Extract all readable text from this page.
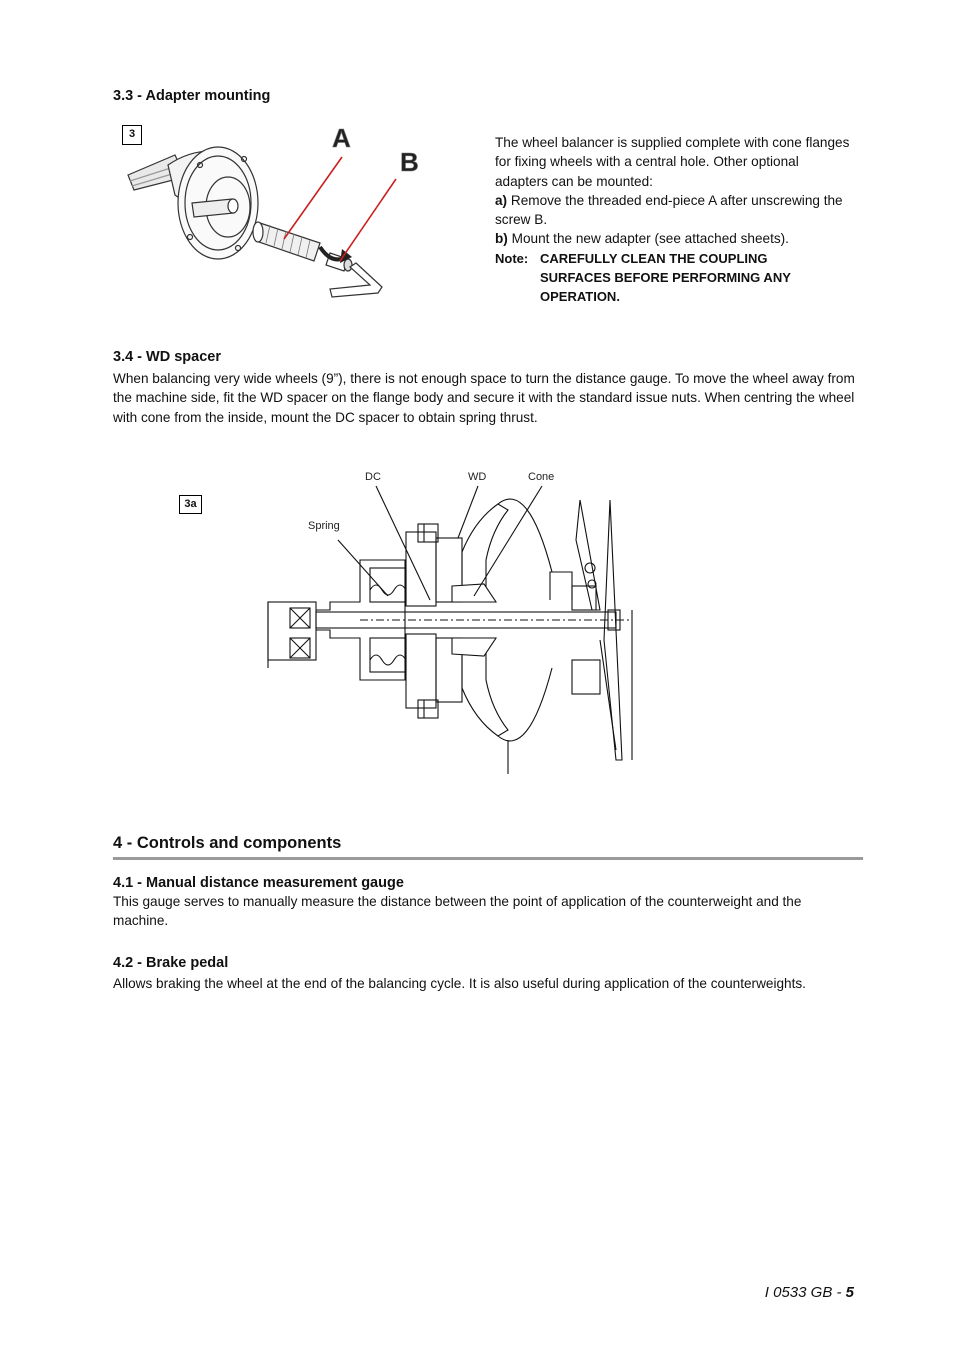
3.3 - Adapter mounting
3	A
B
The wheel balancer is supplied complete with cone flanges for fixing wheels with a central hole. Other optional adapters can be mounted:
a) Remove the threaded end-piece A after unscrewing the screw B.
b) Mount the new adapter (see attached sheets).
Note: CAREFULLY CLEAN THE COUPLING SURFACES BEFORE PERFORMING ANY OPERATION.
3.4 - WD spacer
When balancing very wide wheels (9”), there is not enough space to turn the distance gauge. To move the wheel away from the machine side, fit the WD spacer on the flange body and secure it with the standard issue nuts. When centring the wheel with cone from the inside, mount the DC spacer to obtain spring thrust.
3a
DC	WD	Cone
Spring
4 - Controls and components
4.1 - Manual distance measurement gauge
This gauge serves to manually measure the distance between the point of application of the counterweight and the machine.
4.2 - Brake pedal
Allows braking the wheel at the end of the balancing cycle. It is also useful during application of the counterweights.
I 0533 GB - 5
